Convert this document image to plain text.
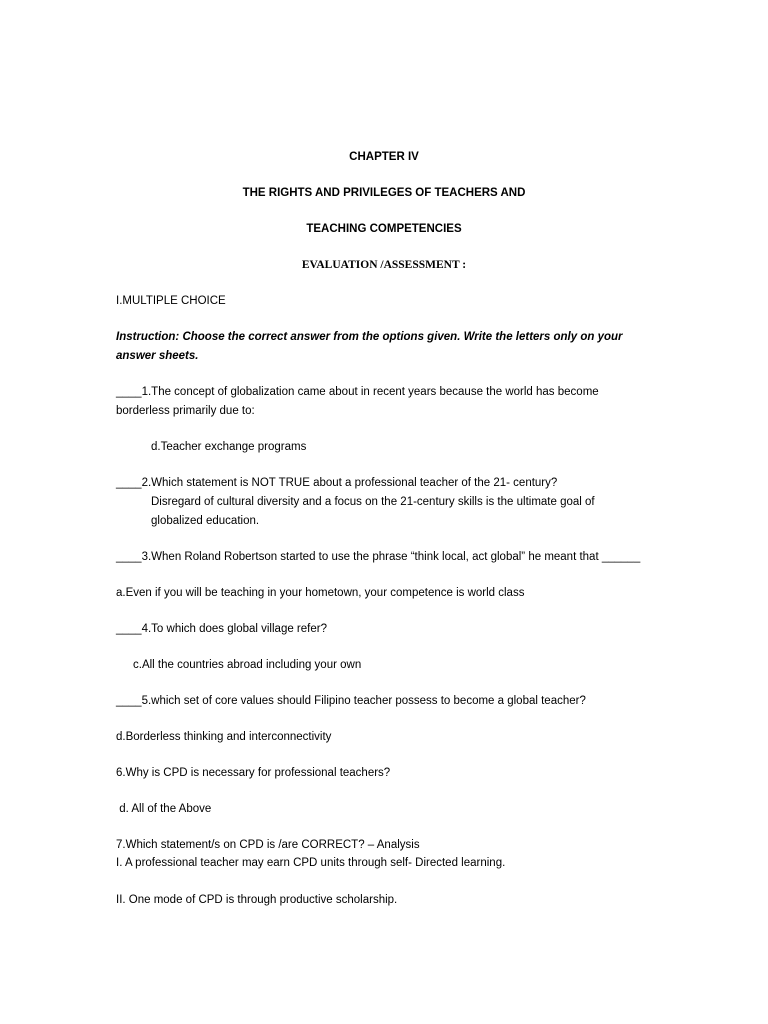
CHAPTER IV
THE RIGHTS AND PRIVILEGES OF TEACHERS AND
TEACHING COMPETENCIES
EVALUATION /ASSESSMENT :
I.MULTIPLE CHOICE
Instruction: Choose the correct answer from the options given. Write the letters only on your
answer sheets.
____1.The concept of globalization came about in recent years because the world has become
borderless primarily due to:
d.Teacher exchange programs
____2.Which statement is NOT TRUE about a professional teacher of the 21- century?
Disregard of cultural diversity and a focus on the 21-century skills is the ultimate goal of
globalized education.
____3.When Roland Robertson started to use the phrase “think local, act global” he meant that ______
a.Even if you will be teaching in your hometown, your competence is world class
____4.To which does global village refer?
c.All the countries abroad including your own
____5.which set of core values should Filipino teacher possess to become a global teacher?
d.Borderless thinking and interconnectivity
6.Why is CPD is necessary for professional teachers?
d. All of the Above
7.Which statement/s on CPD is /are CORRECT? – Analysis
I. A professional teacher may earn CPD units through self- Directed learning.
II. One mode of CPD is through productive scholarship.
